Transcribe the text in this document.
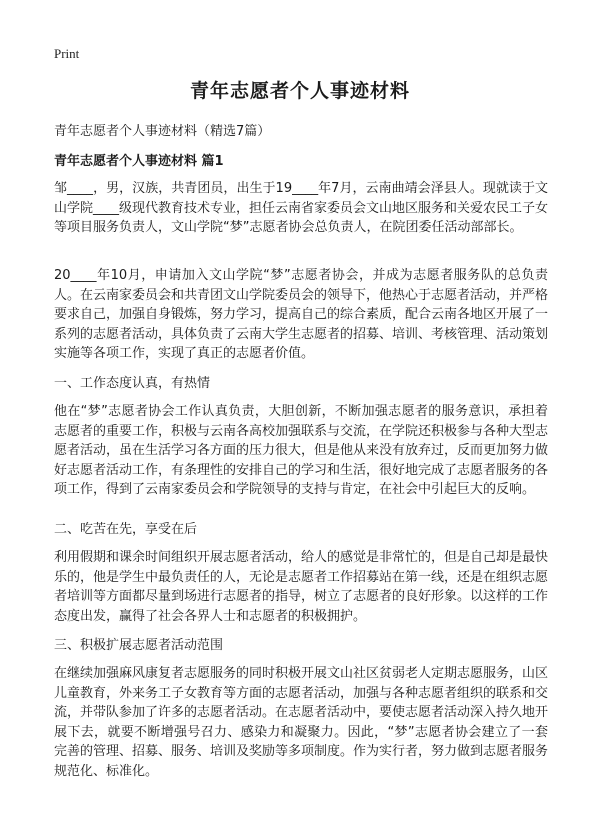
Print
青年志愿者个人事迹材料
青年志愿者个人事迹材料（精选7篇）
青年志愿者个人事迹材料 篇1

邹____，男，汉族，共青团员，出生于19____年7月，云南曲靖会泽县人。现就读于文山学院____级现代教育技术专业，担任云南省家委员会文山地区服务和关爱农民工子女等项目服务负责人，文山学院“梦”志愿者协会总负责人，在院团委任活动部部长。

20____年10月，申请加入文山学院“梦”志愿者协会，并成为志愿者服务队的总负责人。在云南家委员会和共青团文山学院委员会的领导下，他热心于志愿者活动，并严格要求自己，加强自身锻炼，努力学习，提高自己的综合素质，配合云南各地区开展了一系列的志愿者活动，具体负责了云南大学生志愿者的招募、培训、考核管理、活动策划实施等各项工作，实现了真正的志愿者价值。

一、工作态度认真，有热情

他在“梦”志愿者协会工作认真负责，大胆创新，不断加强志愿者的服务意识，承担着志愿者的重要工作，积极与云南各高校加强联系与交流，在学院还积极参与各种大型志愿者活动，虽在生活学习各方面的压力很大，但是他从来没有放弃过，反而更加努力做好志愿者活动工作，有条理性的安排自己的学习和生活，很好地完成了志愿者服务的各项工作，得到了云南家委员会和学院领导的支持与肯定，在社会中引起巨大的反响。

二、吃苦在先，享受在后

利用假期和课余时间组织开展志愿者活动，给人的感觉是非常忙的，但是自己却是最快乐的，他是学生中最负责任的人，无论是志愿者工作招募站在第一线，还是在组织志愿者培训等方面都尽量到场进行志愿者的指导，树立了志愿者的良好形象。以这样的工作态度出发，赢得了社会各界人士和志愿者的积极拥护。

三、积极扩展志愿者活动范围

在继续加强麻风康复者志愿服务的同时积极开展文山社区贫弱老人定期志愿服务，山区儿童教育，外来务工子女教育等方面的志愿者活动，加强与各种志愿者组织的联系和交流，并带队参加了许多的志愿者活动。在志愿者活动中，要使志愿者活动深入持久地开展下去，就要不断增强号召力、感染力和凝聚力。因此，“梦”志愿者协会建立了一套完善的管理、招募、服务、培训及奖励等多项制度。作为实行者，努力做到志愿者服务规范化、标准化。
